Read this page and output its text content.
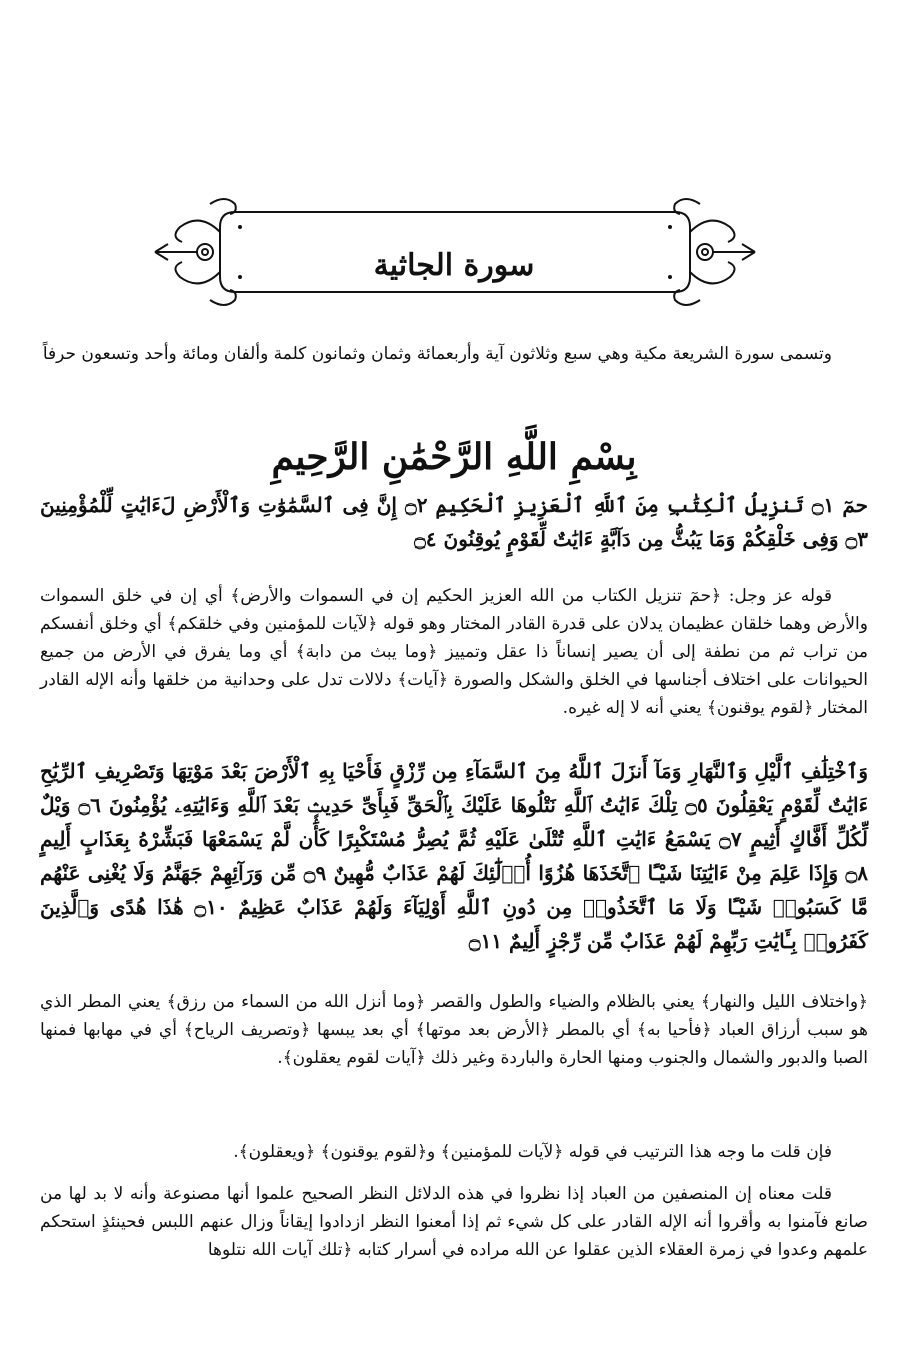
سورة الجاثية

وتسمى سورة الشريعة مكية وهي سبع وثلاثون آية وأربعمائة وثمان وثمانون كلمة وألفان ومائة وأحد وتسعون حرفاً

بِسْمِ اللَّهِ الرَّحْمَٰنِ الرَّحِيمِ

حمٓ ۝١ تَنزِيلُ ٱلْكِتَٰبِ مِنَ ٱللَّهِ ٱلْعَزِيزِ ٱلْحَكِيمِ ۝٢ إِنَّ فِى ٱلسَّمَٰوَٰتِ وَٱلْأَرْضِ لَءَايَٰتٍ لِّلْمُؤْمِنِينَ ۝٣ وَفِى خَلْقِكُمْ وَمَا يَبُثُّ مِن دَآبَّةٍ ءَايَٰتٌ لِّقَوْمٍ يُوقِنُونَ ۝٤

قوله عز وجل: ﴿حمٓ تنزيل الكتاب من الله العزيز الحكيم إن في السموات والأرض﴾ أي إن في خلق السموات والأرض وهما خلقان عظيمان يدلان على قدرة القادر المختار وهو قوله ﴿لآيات للمؤمنين وفي خلقكم﴾ أي وخلق أنفسكم من تراب ثم من نطفة إلى أن يصير إنساناً ذا عقل وتمييز ﴿وما يبث من دابة﴾ أي وما يفرق في الأرض من جميع الحيوانات على اختلاف أجناسها في الخلق والشكل والصورة ﴿آيات﴾ دلالات تدل على وحدانية من خلقها وأنه الإله القادر المختار ﴿لقوم يوقنون﴾ يعني أنه لا إله غيره.

وَٱخْتِلَٰفِ ٱلَّيْلِ وَٱلنَّهَارِ وَمَآ أَنزَلَ ٱللَّهُ مِنَ ٱلسَّمَآءِ مِن رِّزْقٍ فَأَحْيَا بِهِ ٱلْأَرْضَ بَعْدَ مَوْتِهَا وَتَصْرِيفِ ٱلرِّيَٰحِ ءَايَٰتٌ لِّقَوْمٍ يَعْقِلُونَ ۝٥ تِلْكَ ءَايَٰتُ ٱللَّهِ نَتْلُوهَا عَلَيْكَ بِٱلْحَقِّ فَبِأَىِّ حَدِيثٍۭ بَعْدَ ٱللَّهِ وَءَايَٰتِهِۦ يُؤْمِنُونَ ۝٦ وَيْلٌ لِّكُلِّ أَفَّاكٍ أَثِيمٍ ۝٧ يَسْمَعُ ءَايَٰتِ ٱللَّهِ تُتْلَىٰ عَلَيْهِ ثُمَّ يُصِرُّ مُسْتَكْبِرًا كَأَن لَّمْ يَسْمَعْهَا فَبَشِّرْهُ بِعَذَابٍ أَلِيمٍ ۝٨ وَإِذَا عَلِمَ مِنْ ءَايَٰتِنَا شَيْـًٔا ٱتَّخَذَهَا هُزُوًا أُو۟لَٰٓئِكَ لَهُمْ عَذَابٌ مُّهِينٌ ۝٩ مِّن وَرَآئِهِمْ جَهَنَّمُ وَلَا يُغْنِى عَنْهُم مَّا كَسَبُوا۟ شَيْـًٔا وَلَا مَا ٱتَّخَذُوا۟ مِن دُونِ ٱللَّهِ أَوْلِيَآءَ وَلَهُمْ عَذَابٌ عَظِيمٌ ۝١٠ هَٰذَا هُدًى وَٱلَّذِينَ كَفَرُوا۟ بِـَٔايَٰتِ رَبِّهِمْ لَهُمْ عَذَابٌ مِّن رِّجْزٍ أَلِيمٌ ۝١١

﴿واختلاف الليل والنهار﴾ يعني بالظلام والضياء والطول والقصر ﴿وما أنزل الله من السماء من رزق﴾ يعني المطر الذي هو سبب أرزاق العباد ﴿فأحيا به﴾ أي بالمطر ﴿الأرض بعد موتها﴾ أي بعد يبسها ﴿وتصريف الرياح﴾ أي في مهابها فمنها الصبا والدبور والشمال والجنوب ومنها الحارة والباردة وغير ذلك ﴿آيات لقوم يعقلون﴾.

فإن قلت ما وجه هذا الترتيب في قوله ﴿لآيات للمؤمنين﴾ و﴿لقوم يوقنون﴾ ﴿ويعقلون﴾.

قلت معناه إن المنصفين من العباد إذا نظروا في هذه الدلائل النظر الصحيح علموا أنها مصنوعة وأنه لا بد لها من صانع فآمنوا به وأقروا أنه الإله القادر على كل شيء ثم إذا أمعنوا النظر ازدادوا إيقاناً وزال عنهم اللبس فحينئذٍ استحكم علمهم وعدوا في زمرة العقلاء الذين عقلوا عن الله مراده في أسرار كتابه ﴿تلك آيات الله نتلوها
